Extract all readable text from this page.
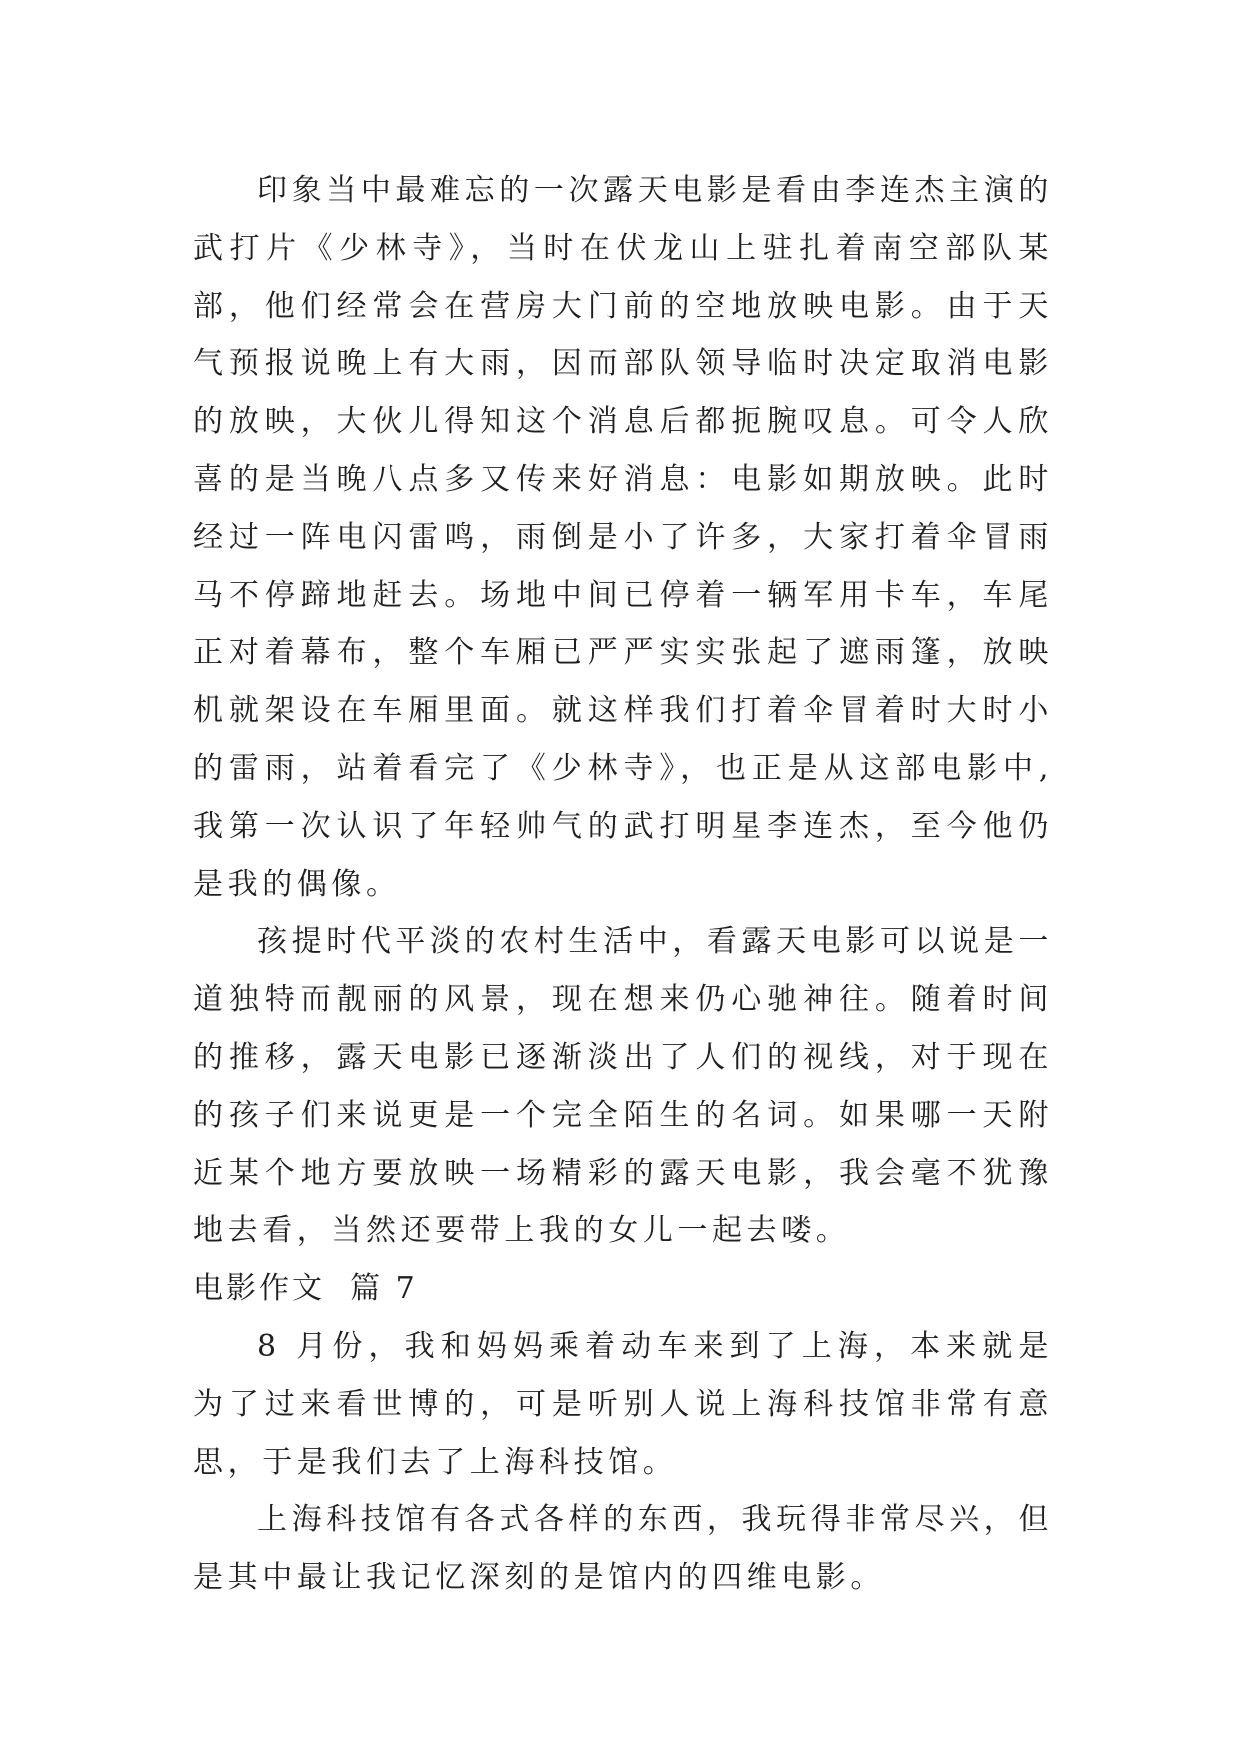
印象当中最难忘的一次露天电影是看由李连杰主演的武打片《少林寺》，当时在伏龙山上驻扎着南空部队某部，他们经常会在营房大门前的空地放映电影。由于天气预报说晚上有大雨，因而部队领导临时决定取消电影的放映，大伙儿得知这个消息后都扼腕叹息。可令人欣喜的是当晚八点多又传来好消息：电影如期放映。此时经过一阵电闪雷鸣，雨倒是小了许多，大家打着伞冒雨马不停蹄地赶去。场地中间已停着一辆军用卡车，车尾正对着幕布，整个车厢已严严实实张起了遮雨篷，放映机就架设在车厢里面。就这样我们打着伞冒着时大时小的雷雨，站着看完了《少林寺》，也正是从这部电影中,我第一次认识了年轻帅气的武打明星李连杰，至今他仍是我的偶像。

孩提时代平淡的农村生活中，看露天电影可以说是一道独特而靓丽的风景，现在想来仍心驰神往。随着时间的推移，露天电影已逐渐淡出了人们的视线，对于现在的孩子们来说更是一个完全陌生的名词。如果哪一天附近某个地方要放映一场精彩的露天电影，我会毫不犹豫地去看，当然还要带上我的女儿一起去喽。

电影作文  篇 7

8 月份，我和妈妈乘着动车来到了上海，本来就是为了过来看世博的，可是听别人说上海科技馆非常有意思，于是我们去了上海科技馆。

上海科技馆有各式各样的东西，我玩得非常尽兴，但是其中最让我记忆深刻的是馆内的四维电影。
